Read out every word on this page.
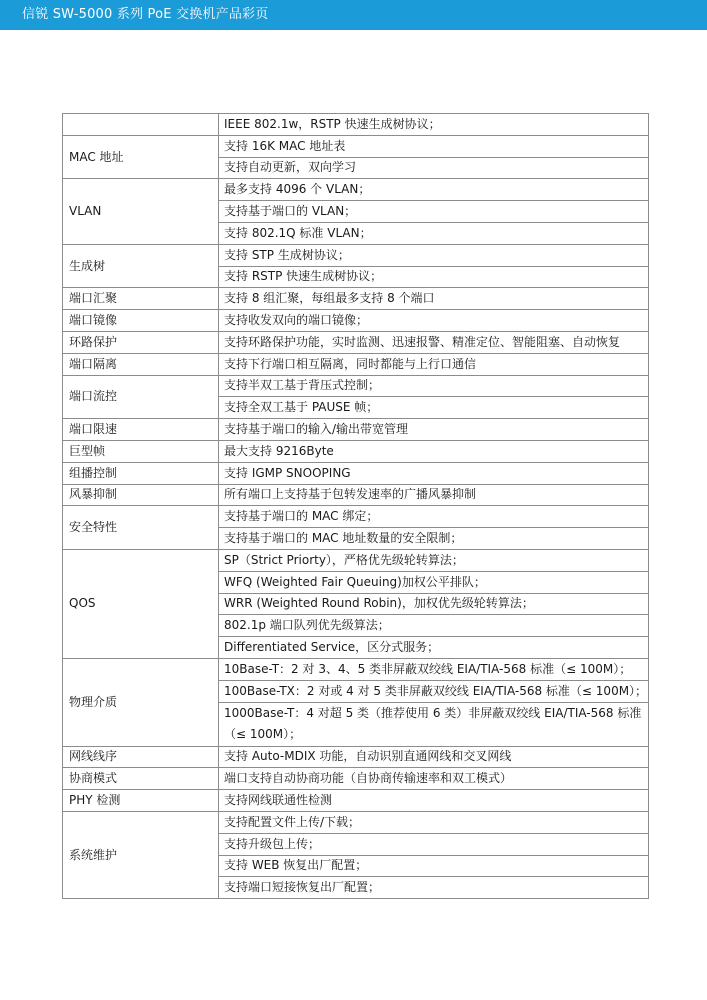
信锐 SW-5000 系列 PoE 交换机产品彩页
	IEEE 802.1w，RSTP 快速生成树协议；
MAC 地址	支持 16K MAC 地址表
	支持自动更新，双向学习
VLAN	最多支持 4096 个 VLAN；
	支持基于端口的 VLAN；
	支持 802.1Q 标准 VLAN；
生成树	支持 STP 生成树协议；
	支持 RSTP 快速生成树协议；
端口汇聚	支持 8 组汇聚，每组最多支持 8 个端口
端口镜像	支持收发双向的端口镜像；
环路保护	支持环路保护功能，实时监测、迅速报警、精准定位、智能阻塞、自动恢复
端口隔离	支持下行端口相互隔离，同时都能与上行口通信
端口流控	支持半双工基于背压式控制；
	支持全双工基于 PAUSE 帧；
端口限速	支持基于端口的输入/输出带宽管理
巨型帧	最大支持 9216Byte
组播控制	支持 IGMP SNOOPING
风暴抑制	所有端口上支持基于包转发速率的广播风暴抑制
安全特性	支持基于端口的 MAC 绑定；
	支持基于端口的 MAC 地址数量的安全限制；
QOS	SP（Strict Priorty），严格优先级轮转算法；
	WFQ (Weighted Fair Queuing)加权公平排队；
	WRR (Weighted Round Robin)，加权优先级轮转算法；
	802.1p 端口队列优先级算法；
	Differentiated Service，区分式服务；
物理介质	10Base-T：2 对 3、4、5 类非屏蔽双绞线 EIA/TIA-568 标准（≤ 100M）；
	100Base-TX：2 对或 4 对 5 类非屏蔽双绞线 EIA/TIA-568 标准（≤ 100M）；
	1000Base-T：4 对超 5 类（推荐使用 6 类）非屏蔽双绞线 EIA/TIA-568 标准（≤ 100M）；
网线线序	支持 Auto-MDIX 功能，自动识别直通网线和交叉网线
协商模式	端口支持自动协商功能（自协商传输速率和双工模式）
PHY 检测	支持网线联通性检测
系统维护	支持配置文件上传/下载；
	支持升级包上传；
	支持 WEB 恢复出厂配置；
	支持端口短接恢复出厂配置；
